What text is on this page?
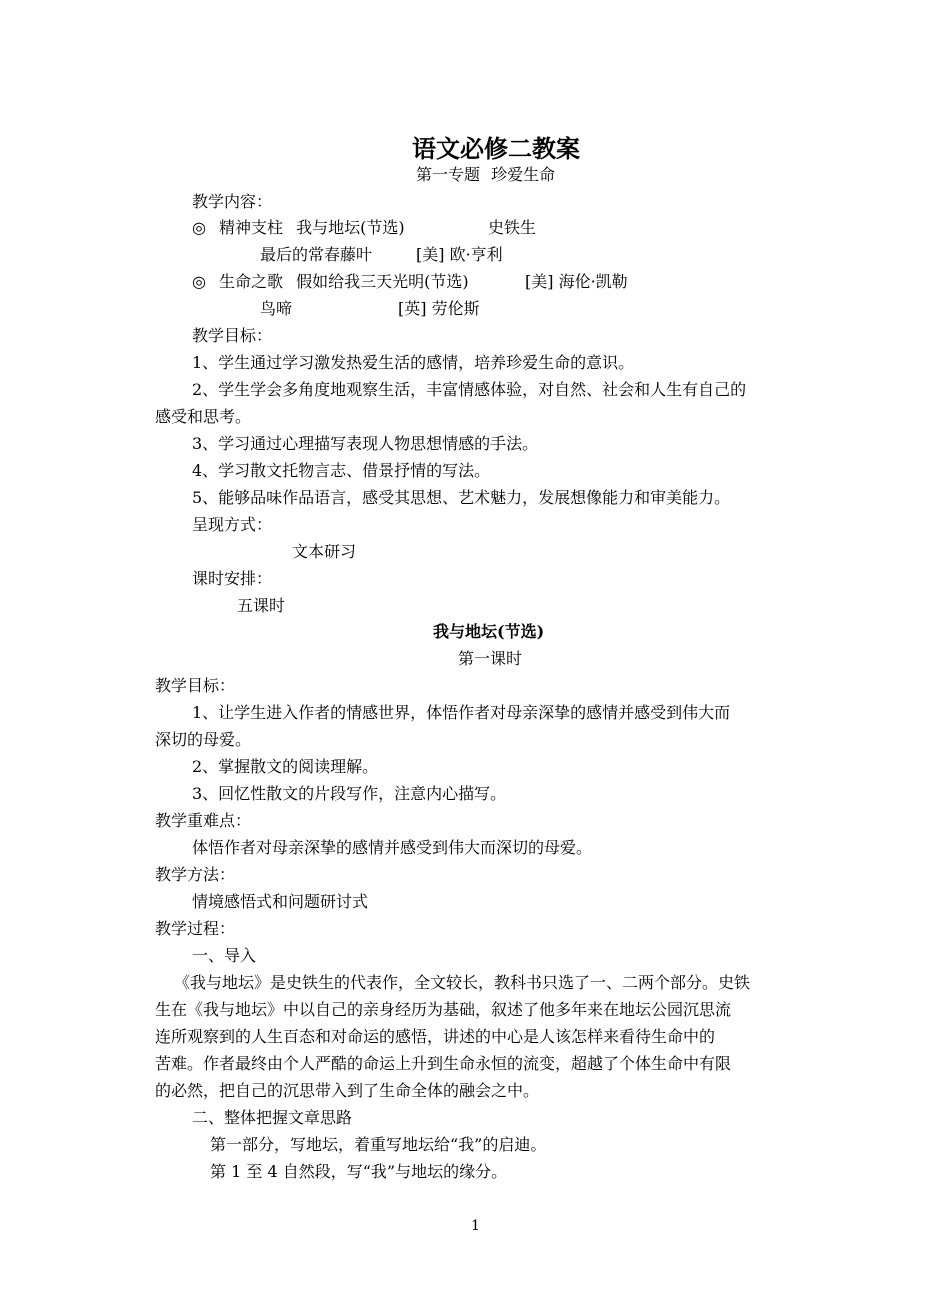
语文必修二教案
第一专题 珍爱生命
教学内容：
◎ 精神支柱 我与地坛(节选)	史铁生
最后的常春藤叶	[美] 欧·亨利
◎ 生命之歌 假如给我三天光明(节选)	[美] 海伦·凯勒
鸟啼	[英] 劳伦斯
教学目标：
1、学生通过学习激发热爱生活的感情，培养珍爱生命的意识。
2、学生学会多角度地观察生活，丰富情感体验，对自然、社会和人生有自己的
感受和思考。
3、学习通过心理描写表现人物思想情感的手法。
4、学习散文托物言志、借景抒情的写法。
5、能够品味作品语言，感受其思想、艺术魅力，发展想像能力和审美能力。
呈现方式：
文本研习
课时安排：
五课时
我与地坛(节选)
第一课时
教学目标：
1、让学生进入作者的情感世界，体悟作者对母亲深挚的感情并感受到伟大而
深切的母爱。
2、掌握散文的阅读理解。
3、回忆性散文的片段写作，注意内心描写。
教学重难点：
体悟作者对母亲深挚的感情并感受到伟大而深切的母爱。
教学方法：
情境感悟式和问题研讨式
教学过程：
一、导入
《我与地坛》是史铁生的代表作，全文较长，教科书只选了一、二两个部分。史铁
生在《我与地坛》中以自己的亲身经历为基础，叙述了他多年来在地坛公园沉思流
连所观察到的人生百态和对命运的感悟，讲述的中心是人该怎样来看待生命中的
苦难。作者最终由个人严酷的命运上升到生命永恒的流变，超越了个体生命中有限
的必然，把自己的沉思带入到了生命全体的融会之中。
二、整体把握文章思路
第一部分，写地坛，着重写地坛给“我”的启迪。
第 1 至 4 自然段，写“我”与地坛的缘分。
1
